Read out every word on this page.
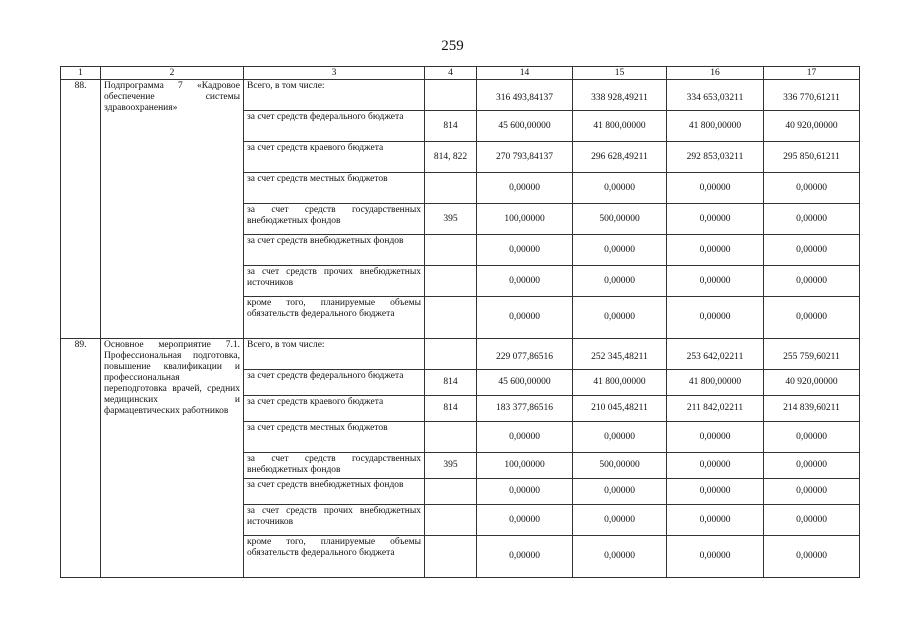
259
1	2	3	4	14	15	16	17
88.	Подпрограмма 7 «Кадровое обеспечение системы здравоохранения»	Всего, в том числе:		316 493,84137	338 928,49211	334 653,03211	336 770,61211
		за счет средств федерального бюджета	814	45 600,00000	41 800,00000	41 800,00000	40 920,00000
		за счет средств краевого бюджета	814, 822	270 793,84137	296 628,49211	292 853,03211	295 850,61211
		за счет средств местных бюджетов		0,00000	0,00000	0,00000	0,00000
		за счет средств государственных внебюджетных фондов	395	100,00000	500,00000	0,00000	0,00000
		за счет средств внебюджетных фондов		0,00000	0,00000	0,00000	0,00000
		за счет средств прочих внебюджетных источников		0,00000	0,00000	0,00000	0,00000
		кроме того, планируемые объемы обязательств федерального бюджета		0,00000	0,00000	0,00000	0,00000
89.	Основное мероприятие 7.1. Профессиональная подготовка, повышение квалификации и профессиональная переподготовка врачей, средних медицинских и фармацевтических работников	Всего, в том числе:		229 077,86516	252 345,48211	253 642,02211	255 759,60211
		за счет средств федерального бюджета	814	45 600,00000	41 800,00000	41 800,00000	40 920,00000
		за счет средств краевого бюджета	814	183 377,86516	210 045,48211	211 842,02211	214 839,60211
		за счет средств местных бюджетов		0,00000	0,00000	0,00000	0,00000
		за счет средств государственных внебюджетных фондов	395	100,00000	500,00000	0,00000	0,00000
		за счет средств внебюджетных фондов		0,00000	0,00000	0,00000	0,00000
		за счет средств прочих внебюджетных источников		0,00000	0,00000	0,00000	0,00000
		кроме того, планируемые объемы обязательств федерального бюджета		0,00000	0,00000	0,00000	0,00000
